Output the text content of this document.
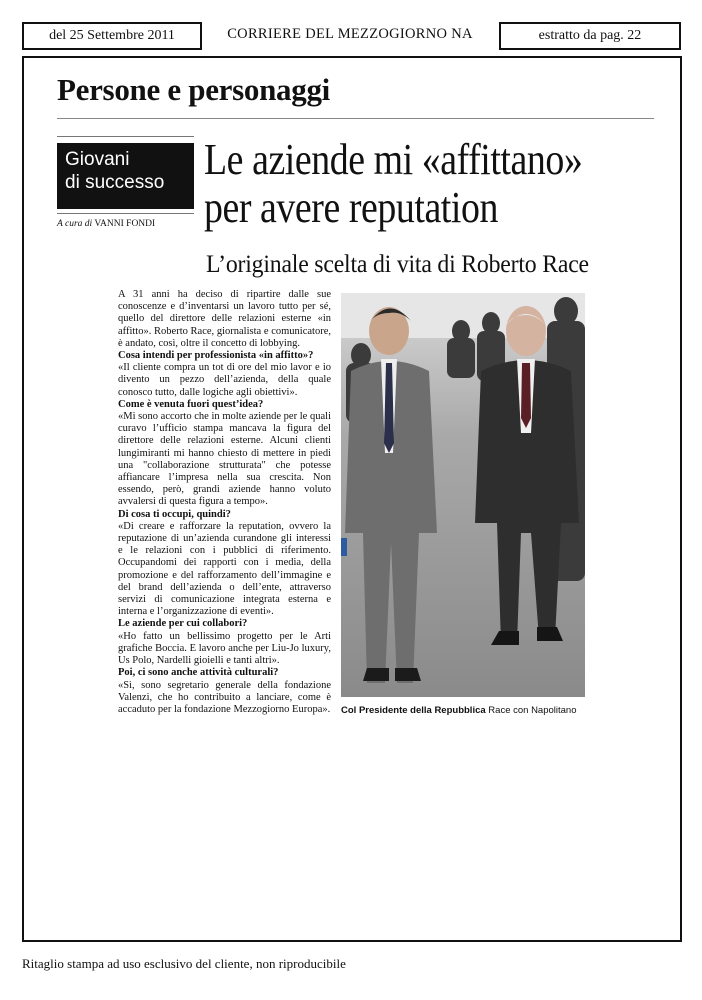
del 25 Settembre 2011	CORRIERE DEL MEZZOGIORNO NA	estratto da pag. 22
Persone e personaggi
Giovani
di successo
A cura di VANNI FONDI
Le aziende mi «affittano»
per avere reputation
L’originale scelta di vita di Roberto Race

A 31 anni ha deciso di ripartire dalle sue conoscenze e d’inventarsi un lavoro tutto per sé, quello del direttore delle relazioni esterne «in affitto». Roberto Race, giornalista e comunicatore, è andato, così, oltre il concetto di lobbying.

Cosa intendi per professionista «in affitto»?

«Il cliente compra un tot di ore del mio lavor e io divento un pezzo dell’azienda, della quale conosco tutto, dalle logiche agli obiettivi».

Come è venuta fuori quest’idea?

«Mi sono accorto che in molte aziende per le quali curavo l’ufficio stampa mancava la figura del direttore delle relazioni esterne. Alcuni clienti lungimiranti mi hanno chiesto di mettere in piedi una "collaborazione strutturata" che potesse affiancare l’impresa nella sua crescita. Non essendo, però, grandi aziende hanno voluto avvalersi di questa figura a tempo».

Di cosa ti occupi, quindi?

«Di creare e rafforzare la reputation, ovvero la reputazione di un’azienda curandone gli interessi e le relazioni con i pubblici di riferimento. Occupandomi dei rapporti con i media, della promozione e del rafforzamento dell’immagine e del brand dell’azienda o dell’ente, attraverso servizi di comunicazione integrata esterna e interna e l’organizzazione di eventi».

Le aziende per cui collabori?

«Ho fatto un bellissimo progetto per le Arti grafiche Boccia. E lavoro anche per Liu-Jo luxury, Us Polo, Nardelli gioielli e tanti altri».

Poi, ci sono anche attività culturali?

«Sì, sono segretario generale della fondazione Valenzi, che ho contribuito a lanciare, come è accaduto per la fondazione Mezzogiorno Europa». Col Presidente della Repubblica Race con Napolitano
Ritaglio stampa ad uso esclusivo del cliente, non riproducibile
